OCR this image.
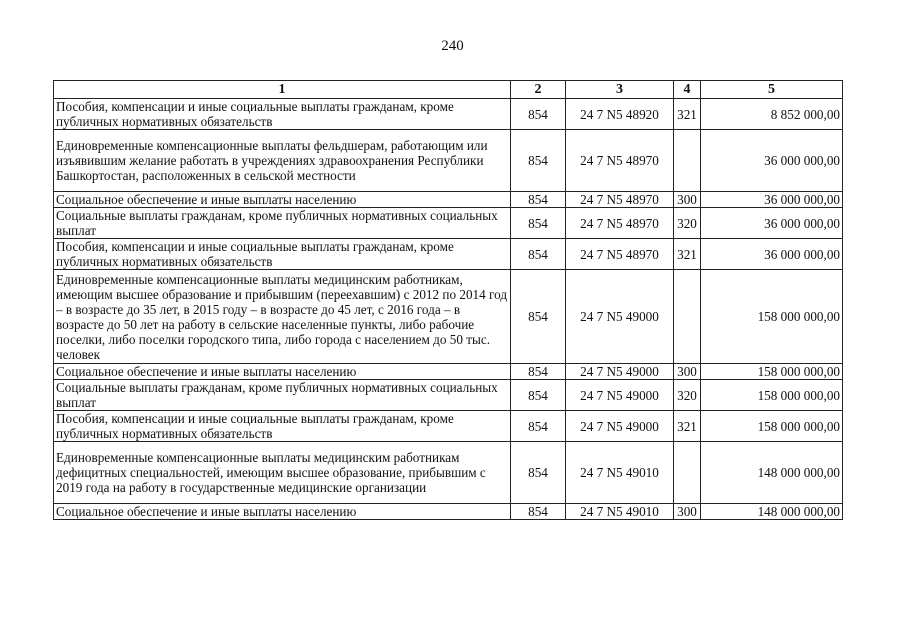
240
1	2	3	4	5
Пособия, компенсации и иные социальные выплаты гражданам, кроме публичных нормативных обязательств	854	24 7 N5 48920	321	8 852 000,00
Единовременные компенсационные выплаты фельдшерам, работающим или изъявившим желание работать в учреждениях здравоохранения Республики Башкортостан, расположенных в сельской местности	854	24 7 N5 48970		36 000 000,00
Социальное обеспечение и иные выплаты населению	854	24 7 N5 48970	300	36 000 000,00
Социальные выплаты гражданам, кроме публичных нормативных социальных выплат	854	24 7 N5 48970	320	36 000 000,00
Пособия, компенсации и иные социальные выплаты гражданам, кроме публичных нормативных обязательств	854	24 7 N5 48970	321	36 000 000,00
Единовременные компенсационные выплаты медицинским работникам, имеющим высшее образование и прибывшим (переехавшим) с 2012 по 2014 год – в возрасте до 35 лет, в 2015 году – в возрасте до 45 лет, с 2016 года – в возрасте до 50 лет на работу в сельские населенные пункты, либо рабочие поселки, либо поселки городского типа, либо города с населением до 50 тыс. человек	854	24 7 N5 49000		158 000 000,00
Социальное обеспечение и иные выплаты населению	854	24 7 N5 49000	300	158 000 000,00
Социальные выплаты гражданам, кроме публичных нормативных социальных выплат	854	24 7 N5 49000	320	158 000 000,00
Пособия, компенсации и иные социальные выплаты гражданам, кроме публичных нормативных обязательств	854	24 7 N5 49000	321	158 000 000,00
Единовременные компенсационные выплаты медицинским работникам дефицитных специальностей, имеющим высшее образование, прибывшим с 2019 года на работу в государственные медицинские организации	854	24 7 N5 49010		148 000 000,00
Социальное обеспечение и иные выплаты населению	854	24 7 N5 49010	300	148 000 000,00
